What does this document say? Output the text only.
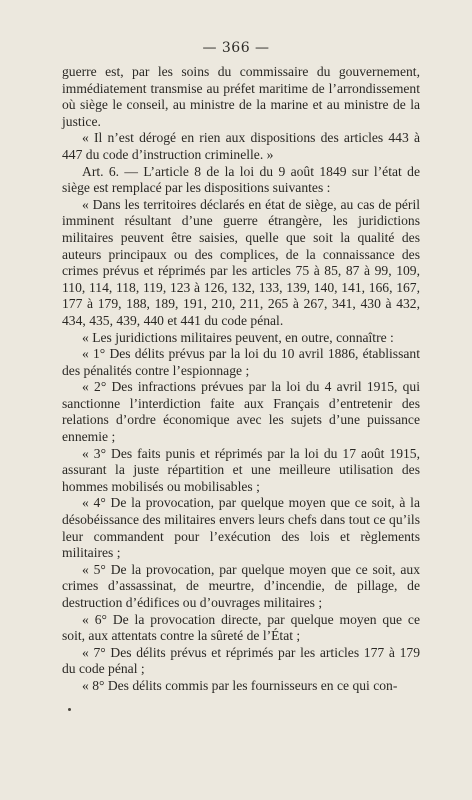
— 366 —

guerre est, par les soins du commissaire du gouvernement, immédiatement transmise au préfet maritime de l’arrondissement où siège le conseil, au ministre de la marine et au ministre de la justice.

« Il n’est dérogé en rien aux dispositions des articles 443 à 447 du code d’instruction criminelle. »

Art. 6. — L’article 8 de la loi du 9 août 1849 sur l’état de siège est remplacé par les dispositions suivantes :

« Dans les territoires déclarés en état de siège, au cas de péril imminent résultant d’une guerre étrangère, les juridictions militaires peuvent être saisies, quelle que soit la qualité des auteurs principaux ou des complices, de la connaissance des crimes prévus et réprimés par les articles 75 à 85, 87 à 99, 109, 110, 114, 118, 119, 123 à 126, 132, 133, 139, 140, 141, 166, 167, 177 à 179, 188, 189, 191, 210, 211, 265 à 267, 341, 430 à 432, 434, 435, 439, 440 et 441 du code pénal.

« Les juridictions militaires peuvent, en outre, connaître :

« 1° Des délits prévus par la loi du 10 avril 1886, établissant des pénalités contre l’espionnage ;

« 2° Des infractions prévues par la loi du 4 avril 1915, qui sanctionne l’interdiction faite aux Français d’entretenir des relations d’ordre économique avec les sujets d’une puissance ennemie ;

« 3° Des faits punis et réprimés par la loi du 17 août 1915, assurant la juste répartition et une meilleure utilisation des hommes mobilisés ou mobilisables ;

« 4° De la provocation, par quelque moyen que ce soit, à la désobéissance des militaires envers leurs chefs dans tout ce qu’ils leur commandent pour l’exécution des lois et règlements militaires ;

« 5° De la provocation, par quelque moyen que ce soit, aux crimes d’assassinat, de meurtre, d’incendie, de pillage, de destruction d’édifices ou d’ouvrages militaires ;

« 6° De la provocation directe, par quelque moyen que ce soit, aux attentats contre la sûreté de l’État ;

« 7° Des délits prévus et réprimés par les articles 177 à 179 du code pénal ;

« 8° Des délits commis par les fournisseurs en ce qui con-
